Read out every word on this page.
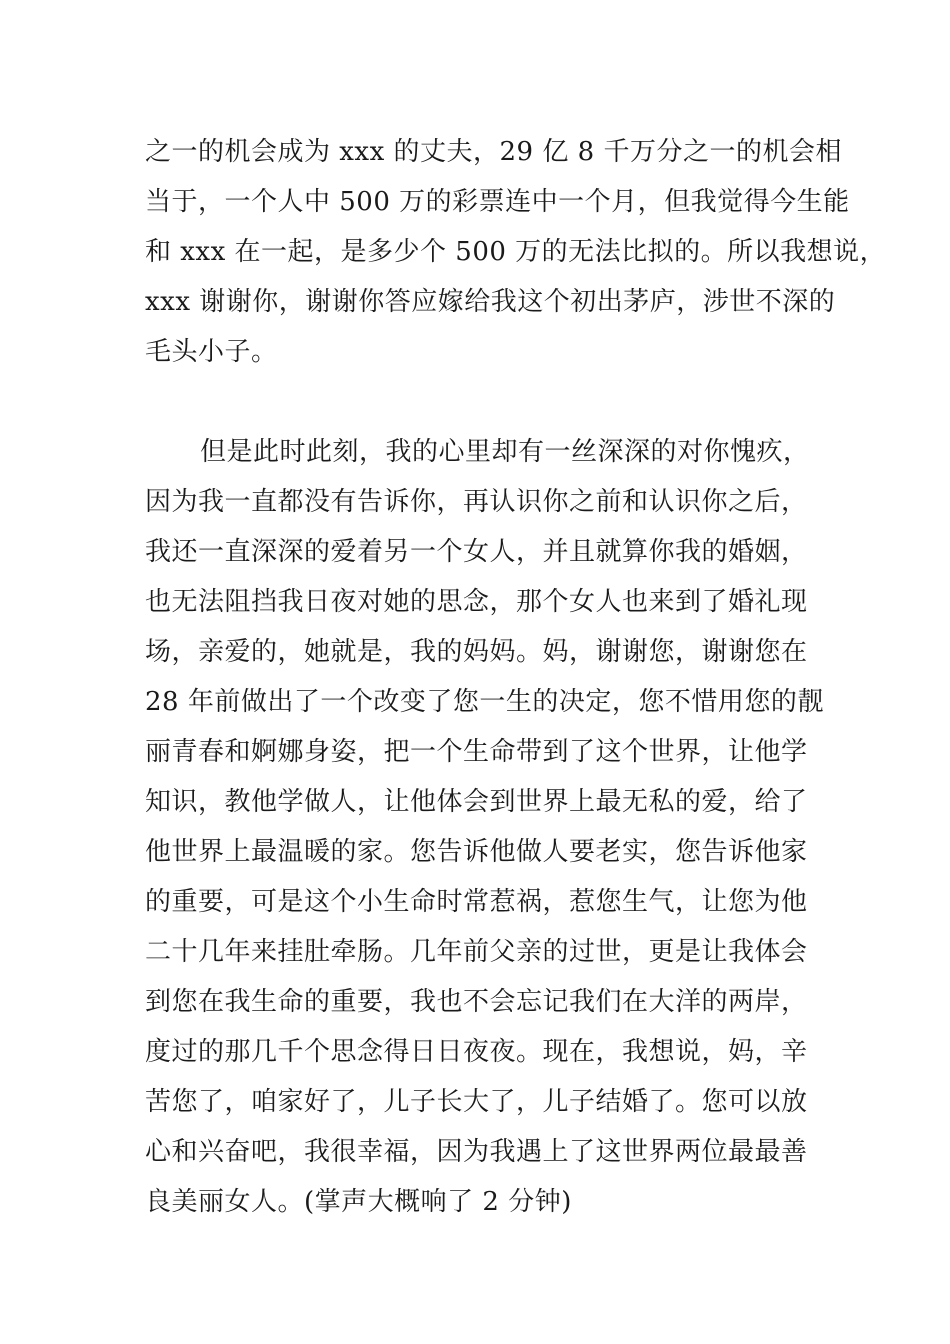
之一的机会成为 xxx 的丈夫，29 亿 8 千万分之一的机会相
当于，一个人中 500 万的彩票连中一个月，但我觉得今生能
和 xxx 在一起，是多少个 500 万的无法比拟的。所以我想说，
xxx 谢谢你，谢谢你答应嫁给我这个初出茅庐，涉世不深的
毛头小子。
但是此时此刻，我的心里却有一丝深深的对你愧疚，
因为我一直都没有告诉你，再认识你之前和认识你之后，
我还一直深深的爱着另一个女人，并且就算你我的婚姻，
也无法阻挡我日夜对她的思念，那个女人也来到了婚礼现
场，亲爱的，她就是，我的妈妈。妈，谢谢您，谢谢您在
28 年前做出了一个改变了您一生的决定，您不惜用您的靓
丽青春和婀娜身姿，把一个生命带到了这个世界，让他学
知识，教他学做人，让他体会到世界上最无私的爱，给了
他世界上最温暖的家。您告诉他做人要老实，您告诉他家
的重要，可是这个小生命时常惹祸，惹您生气，让您为他
二十几年来挂肚牵肠。几年前父亲的过世，更是让我体会
到您在我生命的重要，我也不会忘记我们在大洋的两岸，
度过的那几千个思念得日日夜夜。现在，我想说，妈，辛
苦您了，咱家好了，儿子长大了，儿子结婚了。您可以放
心和兴奋吧，我很幸福，因为我遇上了这世界两位最最善
良美丽女人。(掌声大概响了 2 分钟)
